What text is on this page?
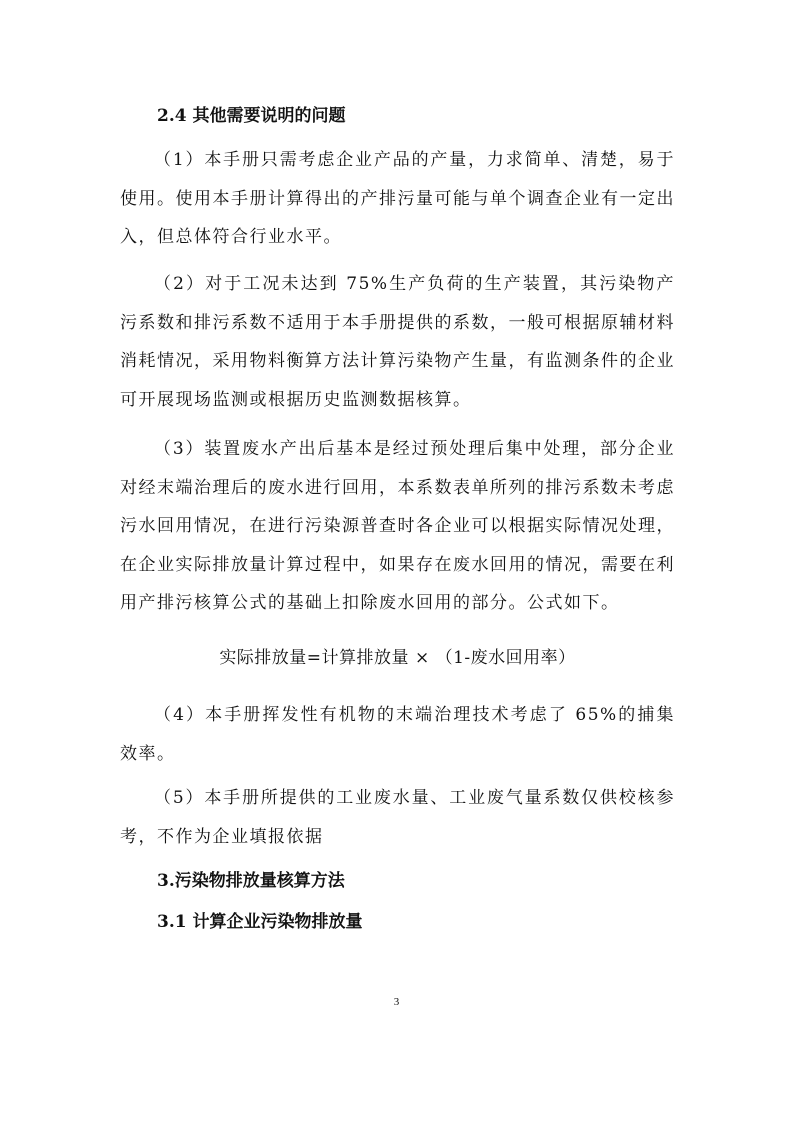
2.4 其他需要说明的问题

（1）本手册只需考虑企业产品的产量，力求简单、清楚，易于使用。使用本手册计算得出的产排污量可能与单个调查企业有一定出入，但总体符合行业水平。

（2）对于工况未达到 75%生产负荷的生产装置，其污染物产污系数和排污系数不适用于本手册提供的系数，一般可根据原辅材料消耗情况，采用物料衡算方法计算污染物产生量，有监测条件的企业可开展现场监测或根据历史监测数据核算。

（3）装置废水产出后基本是经过预处理后集中处理，部分企业对经末端治理后的废水进行回用，本系数表单所列的排污系数未考虑污水回用情况，在进行污染源普查时各企业可以根据实际情况处理，在企业实际排放量计算过程中，如果存在废水回用的情况，需要在利用产排污核算公式的基础上扣除废水回用的部分。公式如下。

实际排放量=计算排放量 × （1-废水回用率）

（4）本手册挥发性有机物的末端治理技术考虑了 65%的捕集效率。

（5）本手册所提供的工业废水量、工业废气量系数仅供校核参考，不作为企业填报依据

3.污染物排放量核算方法
3.1 计算企业污染物排放量
3
